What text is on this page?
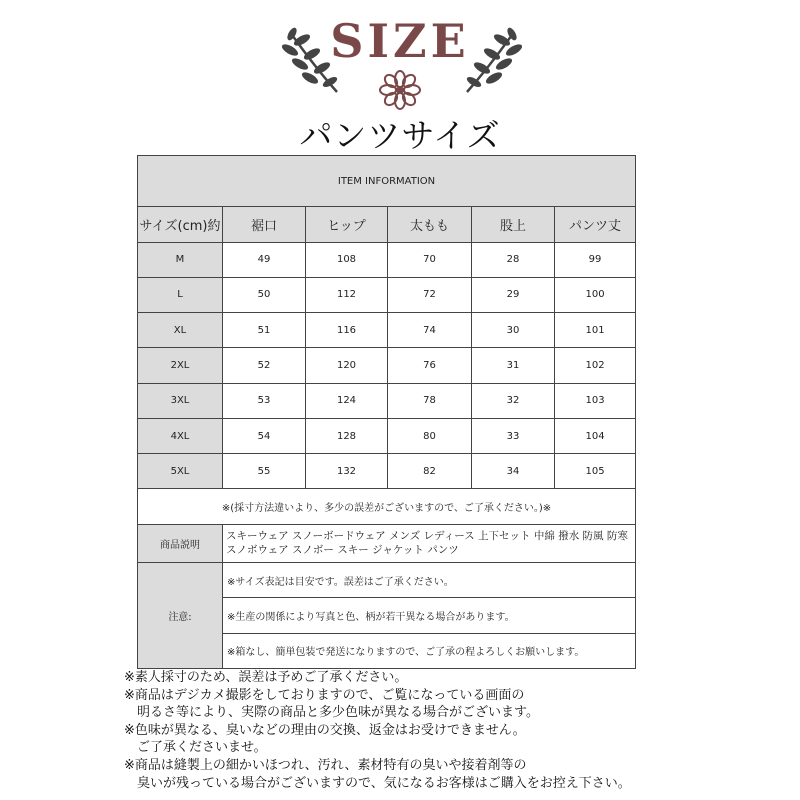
SIZE
パンツサイズ
ITEM INFORMATION					
サイズ(cm)約	裾口	ヒップ	太もも	股上	パンツ丈
M	49	108	70	28	99
L	50	112	72	29	100
XL	51	116	74	30	101
2XL	52	120	76	31	102
3XL	53	124	78	32	103
4XL	54	128	80	33	104
5XL	55	132	82	34	105
※(採寸方法違いより、多少の誤差がございますので、ご了承ください。)※					
商品説明	スキーウェア スノーボードウェア メンズ レディース 上下セット 中綿 撥水 防風 防寒 スノボウェア スノボー スキー ジャケット パンツ				
注意:	※サイズ表記は目安です。誤差はご了承ください。				
	※生産の関係により写真と色、柄が若干異なる場合があります。				
	※箱なし、簡単包装で発送になりますので、ご了承の程よろしくお願いします。				
※素人採寸のため、誤差は予めご了承ください。
※商品はデジカメ撮影をしておりますので、ご覧になっている画面の
　明るさ等により、実際の商品と多少色味が異なる場合がございます。
※色味が異なる、臭いなどの理由の交換、返金はお受けできません。
　ご了承くださいませ。
※商品は縫製上の細かいほつれ、汚れ、素材特有の臭いや接着剤等の
　臭いが残っている場合がございますので、気になるお客様はご購入をお控え下さい。
